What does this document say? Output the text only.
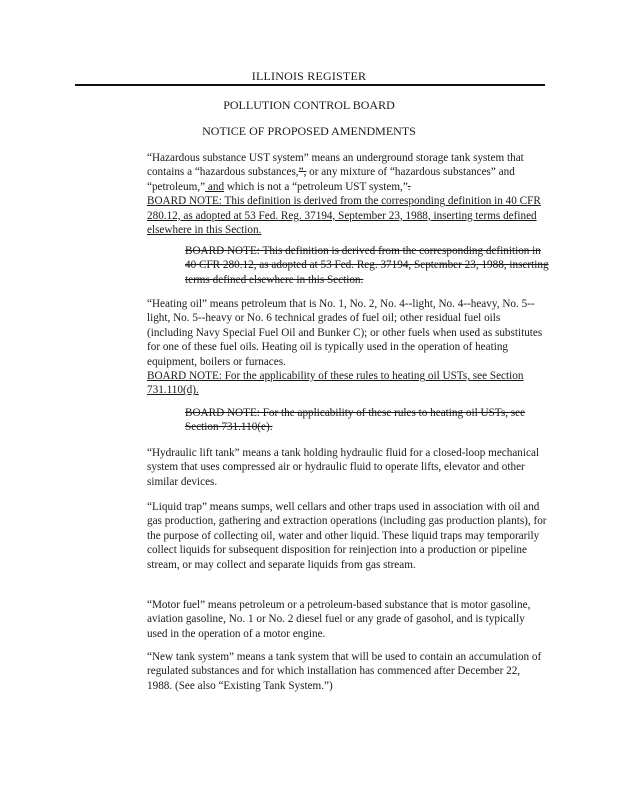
ILLINOIS REGISTER
POLLUTION CONTROL BOARD
NOTICE OF PROPOSED AMENDMENTS
“Hazardous substance UST system” means an underground storage tank system that contains a “hazardous substances,”, or any mixture of “hazardous substances” and “petroleum,” and which is not a “petroleum UST system,”.
BOARD NOTE: This definition is derived from the corresponding definition in 40 CFR 280.12, as adopted at 53 Fed. Reg. 37194, September 23, 1988, inserting terms defined elsewhere in this Section.
BOARD NOTE: This definition is derived from the corresponding definition in 40 CFR 280.12, as adopted at 53 Fed. Reg. 37194, September 23, 1988, inserting terms defined elsewhere in this Section.
“Heating oil” means petroleum that is No. 1, No. 2, No. 4--light, No. 4--heavy, No. 5--light, No. 5--heavy or No. 6 technical grades of fuel oil; other residual fuel oils (including Navy Special Fuel Oil and Bunker C); or other fuels when used as substitutes for one of these fuel oils. Heating oil is typically used in the operation of heating equipment, boilers or furnaces.
BOARD NOTE: For the applicability of these rules to heating oil USTs, see Section 731.110(d).
BOARD NOTE: For the applicability of these rules to heating oil USTs, see Section 731.110(e).
“Hydraulic lift tank” means a tank holding hydraulic fluid for a closed-loop mechanical system that uses compressed air or hydraulic fluid to operate lifts, elevator and other similar devices.
“Liquid trap” means sumps, well cellars and other traps used in association with oil and gas production, gathering and extraction operations (including gas production plants), for the purpose of collecting oil, water and other liquid. These liquid traps may temporarily collect liquids for subsequent disposition for reinjection into a production or pipeline stream, or may collect and separate liquids from gas stream.
“Motor fuel” means petroleum or a petroleum-based substance that is motor gasoline, aviation gasoline, No. 1 or No. 2 diesel fuel or any grade of gasohol, and is typically used in the operation of a motor engine.
“New tank system” means a tank system that will be used to contain an accumulation of regulated substances and for which installation has commenced after December 22, 1988. (See also “Existing Tank System.”)
